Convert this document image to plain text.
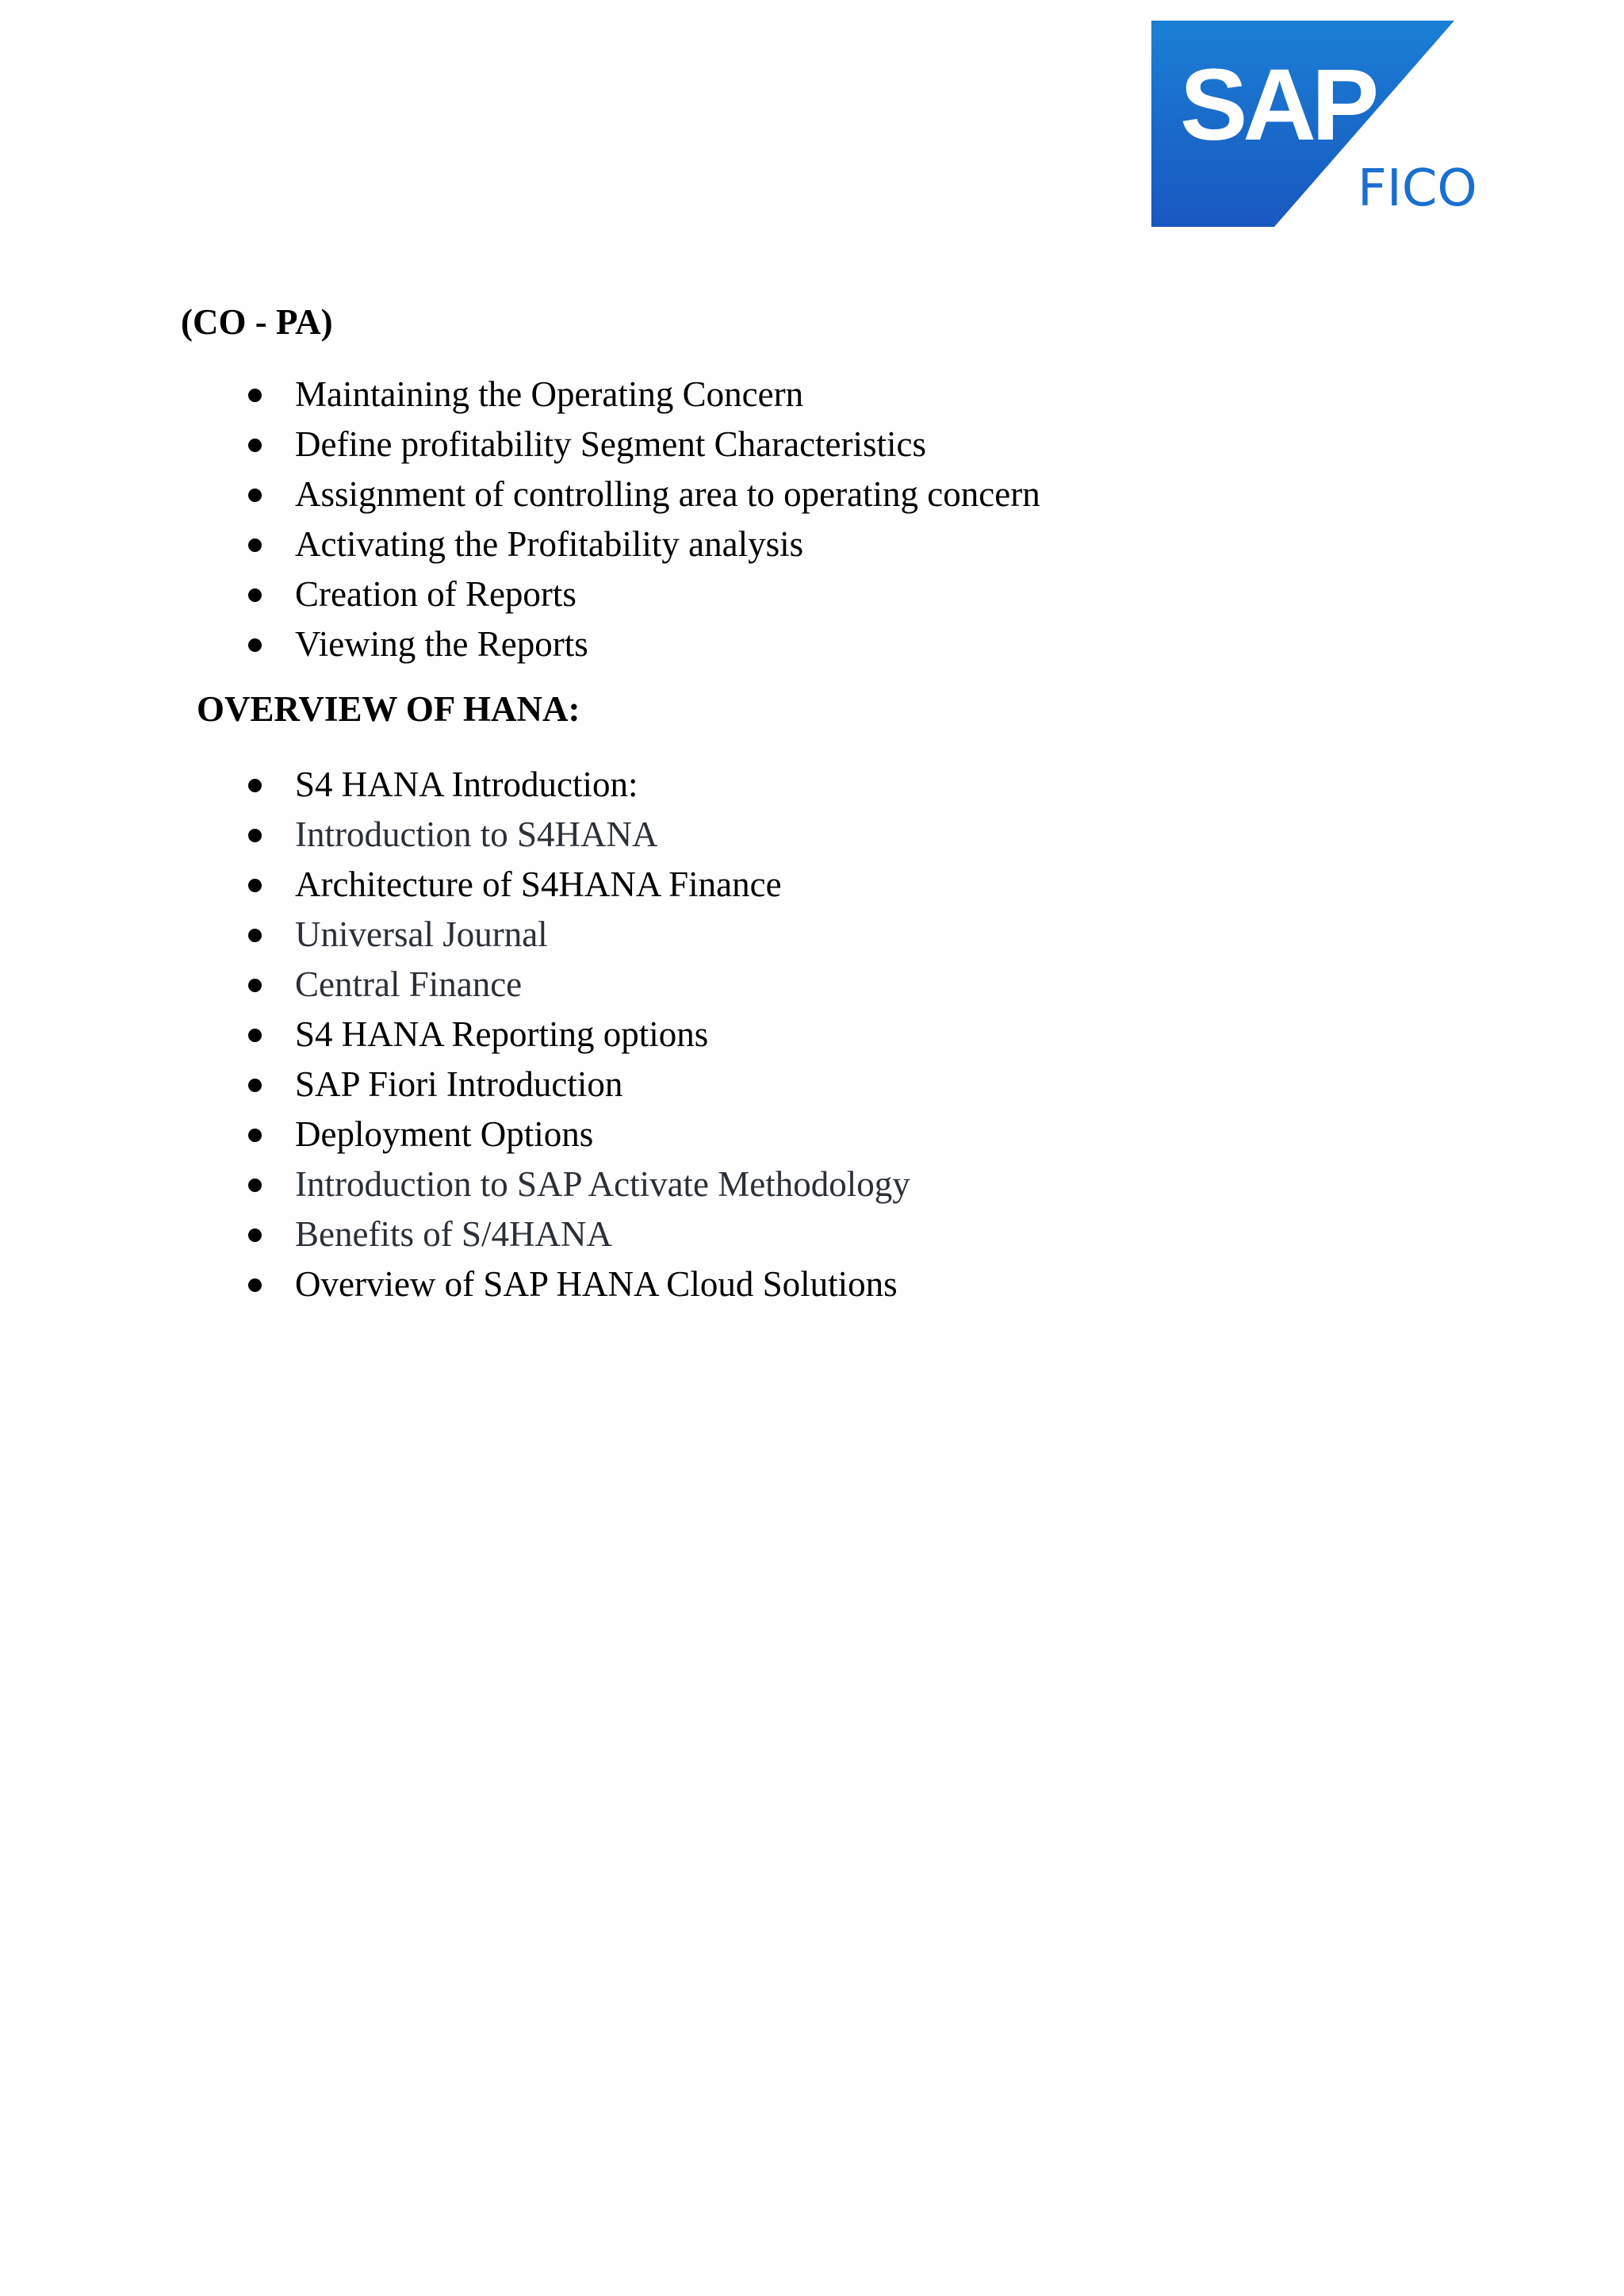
SAP
FICO
(CO - PA)
Maintaining the Operating Concern
Define profitability Segment Characteristics
Assignment of controlling area to operating concern
Activating the Profitability analysis
Creation of Reports
Viewing the Reports
OVERVIEW OF HANA:
S4 HANA Introduction:
Introduction to S4HANA
Architecture of S4HANA Finance
Universal Journal
Central Finance
S4 HANA Reporting options
SAP Fiori Introduction
Deployment Options
Introduction to SAP Activate Methodology
Benefits of S/4HANA
Overview of SAP HANA Cloud Solutions
